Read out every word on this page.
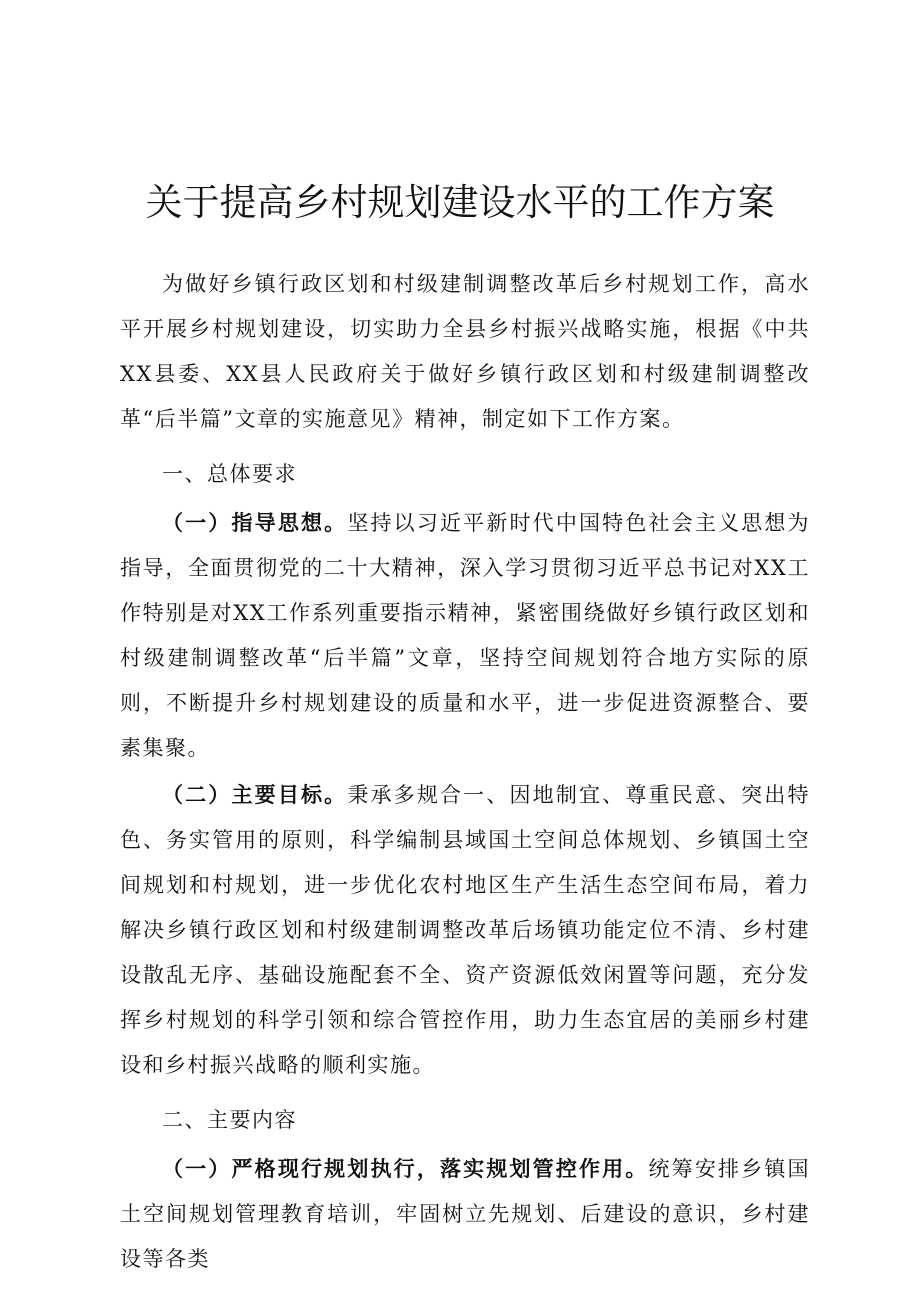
关于提高乡村规划建设水平的工作方案

为做好乡镇行政区划和村级建制调整改革后乡村规划工作，高水平开展乡村规划建设，切实助力全县乡村振兴战略实施，根据《中共XX县委、XX县人民政府关于做好乡镇行政区划和村级建制调整改革“后半篇”文章的实施意见》精神，制定如下工作方案。

一、总体要求

（一）指导思想。坚持以习近平新时代中国特色社会主义思想为指导，全面贯彻党的二十大精神，深入学习贯彻习近平总书记对XX工作特别是对XX工作系列重要指示精神，紧密围绕做好乡镇行政区划和村级建制调整改革“后半篇”文章，坚持空间规划符合地方实际的原则，不断提升乡村规划建设的质量和水平，进一步促进资源整合、要素集聚。

（二）主要目标。秉承多规合一、因地制宜、尊重民意、突出特色、务实管用的原则，科学编制县域国土空间总体规划、乡镇国土空间规划和村规划，进一步优化农村地区生产生活生态空间布局，着力解决乡镇行政区划和村级建制调整改革后场镇功能定位不清、乡村建设散乱无序、基础设施配套不全、资产资源低效闲置等问题，充分发挥乡村规划的科学引领和综合管控作用，助力生态宜居的美丽乡村建设和乡村振兴战略的顺利实施。

二、主要内容

（一）严格现行规划执行，落实规划管控作用。统筹安排乡镇国土空间规划管理教育培训，牢固树立先规划、后建设的意识，乡村建设等各类
